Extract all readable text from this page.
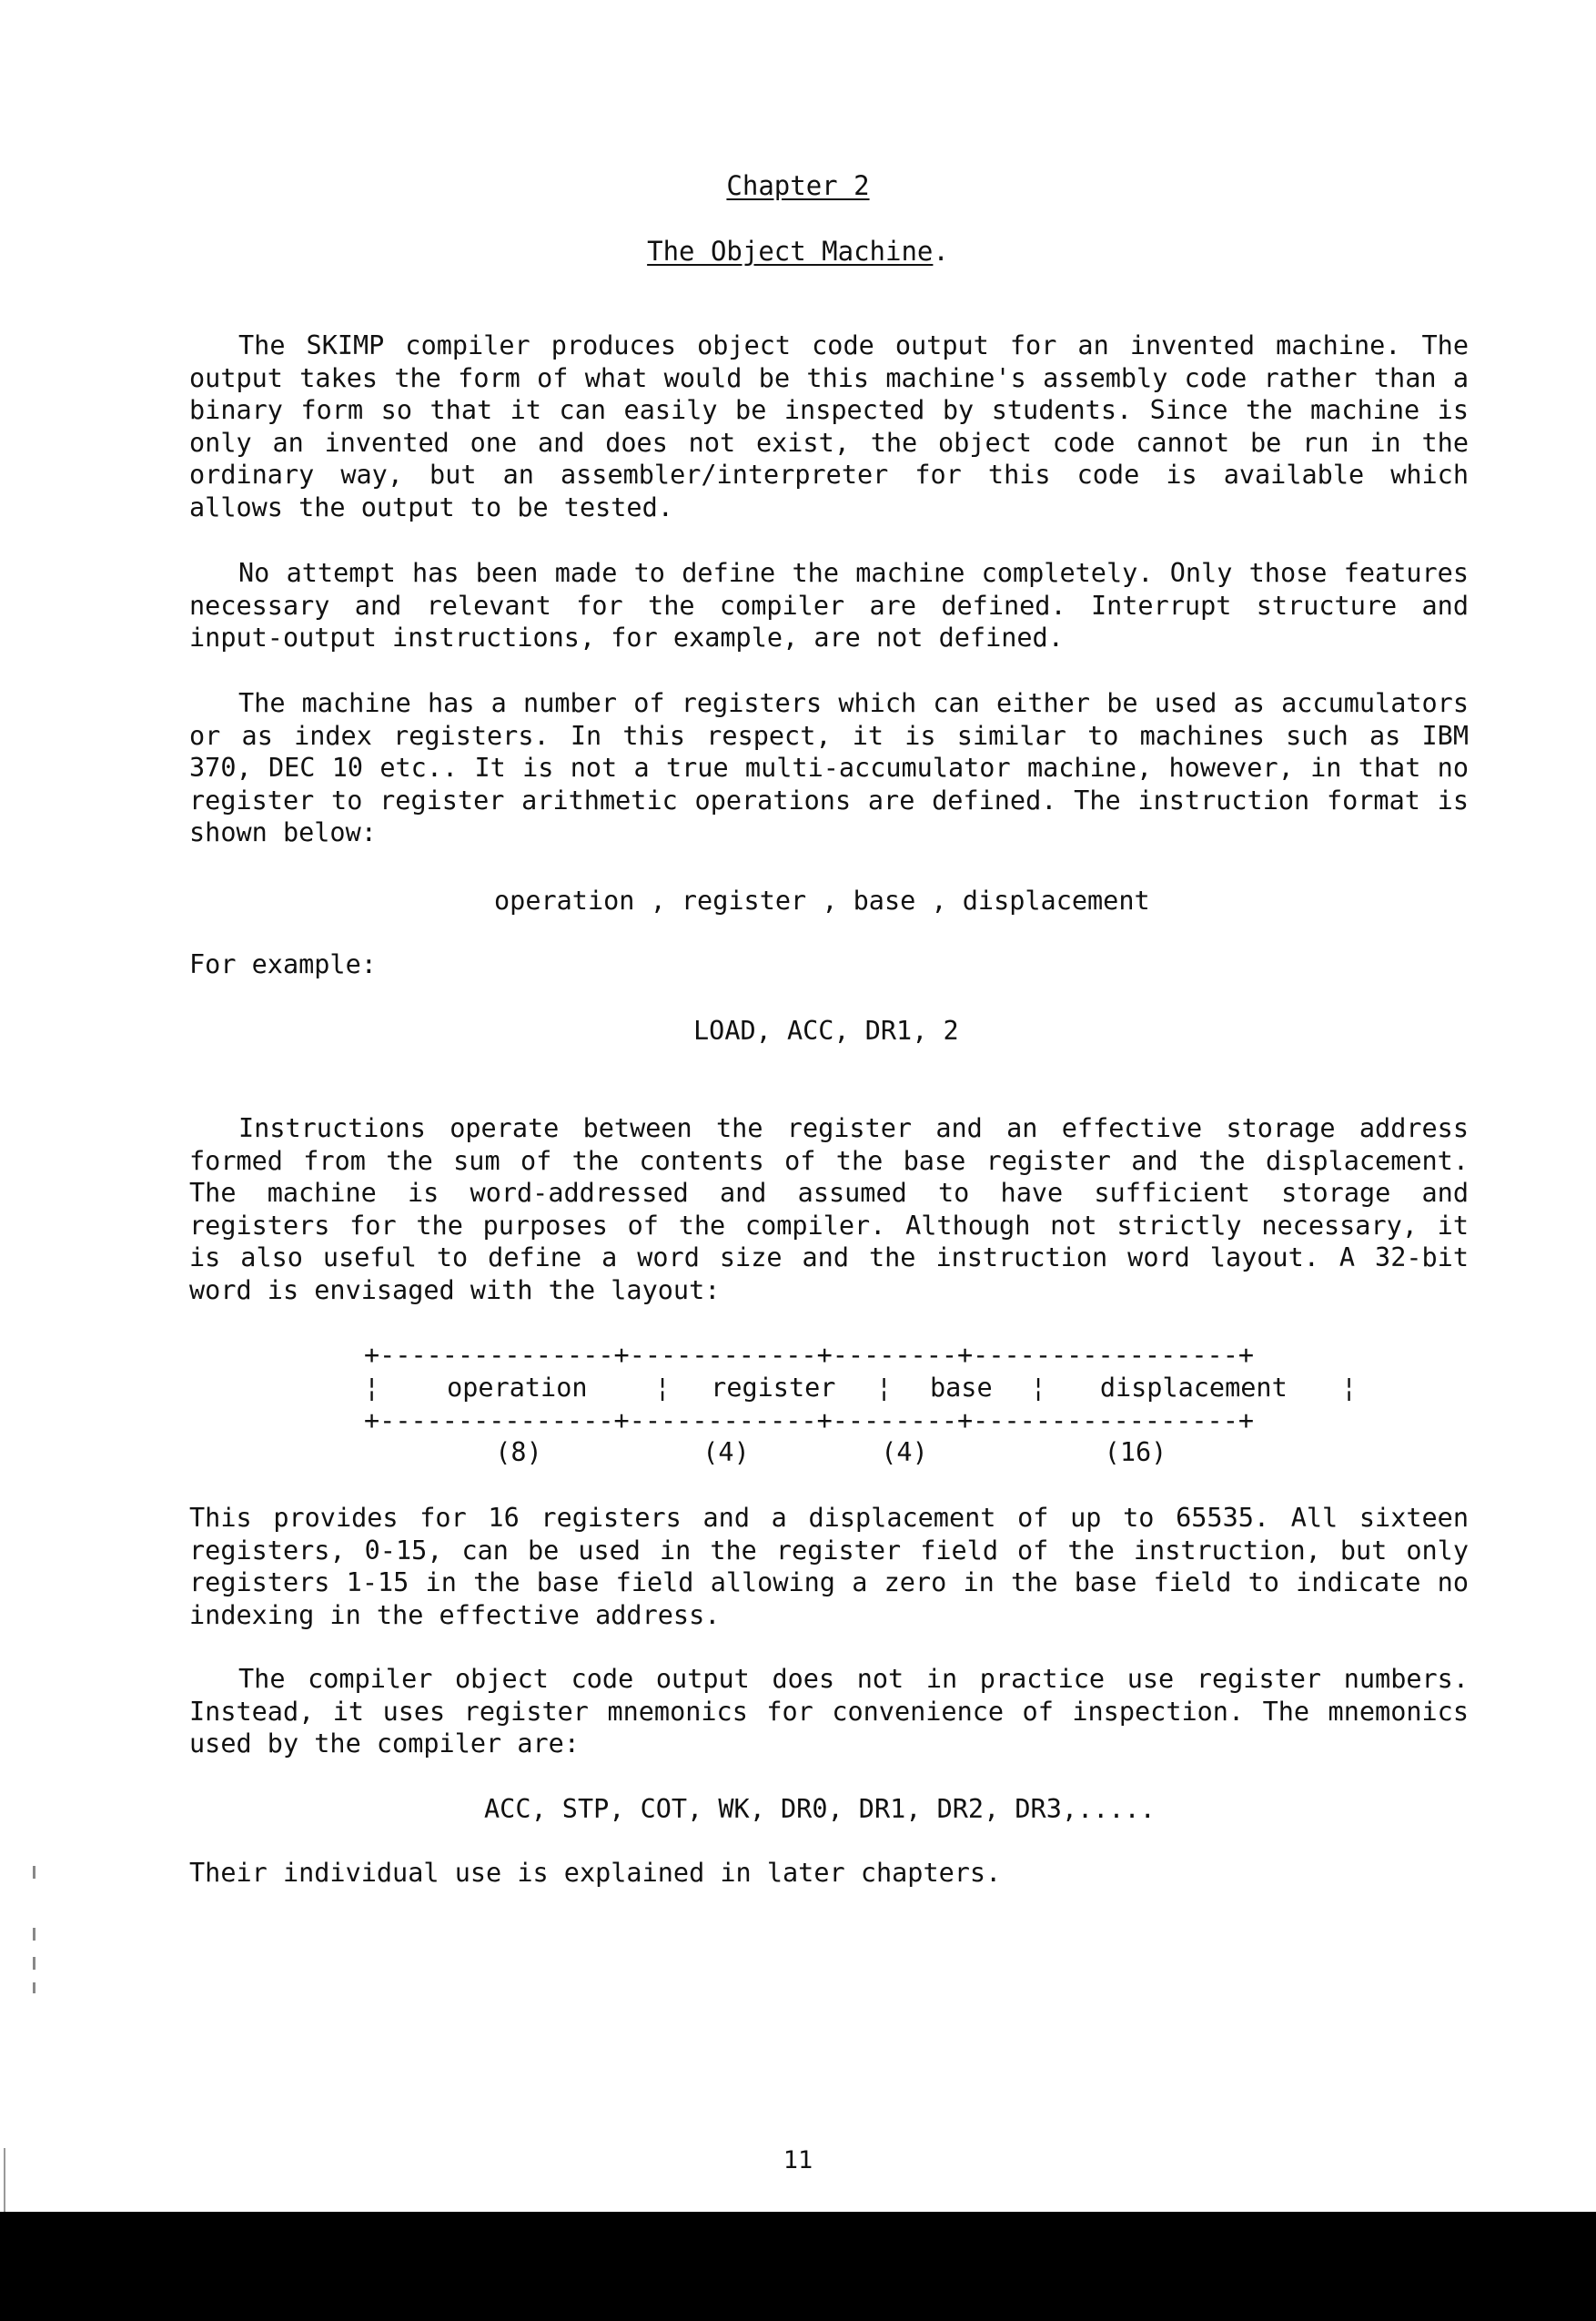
Chapter 2
The Object Machine.

The SKIMP compiler produces object code output for an invented machine. The output takes the form of what would be this machine's assembly code rather than a binary form so that it can easily be inspected by students. Since the machine is only an invented one and does not exist, the object code cannot be run in the ordinary way, but an assembler/interpreter for this code is available which allows the output to be tested.

No attempt has been made to define the machine completely. Only those features necessary and relevant for the compiler are defined. Interrupt structure and input-output instructions, for example, are not defined.

The machine has a number of registers which can either be used as accumulators or as index registers. In this respect, it is similar to machines such as IBM 370, DEC 10 etc.. It is not a true multi-accumulator machine, however, in that no register to register arithmetic operations are defined. The instruction format is shown below:

operation , register , base , displacement
For example:
LOAD, ACC, DR1, 2

Instructions operate between the register and an effective storage address formed from the sum of the contents of the base register and the displacement. The machine is word-addressed and assumed to have sufficient storage and registers for the purposes of the compiler. Although not strictly necessary, it is also useful to define a word size and the instruction word layout. A 32-bit word is envisaged with the layout:

+---------------+------------+--------+-----------------+
¦ operation ¦ register ¦ base ¦ displacement ¦
+---------------+------------+--------+-----------------+
(8)	(4)	(4)	(16)

This provides for 16 registers and a displacement of up to 65535. All sixteen registers, 0-15, can be used in the register field of the instruction, but only registers 1-15 in the base field allowing a zero in the base field to indicate no indexing in the effective address.

The compiler object code output does not in practice use register numbers. Instead, it uses register mnemonics for convenience of inspection. The mnemonics used by the compiler are:

ACC, STP, COT, WK, DR0, DR1, DR2, DR3,.....
Their individual use is explained in later chapters.
11
